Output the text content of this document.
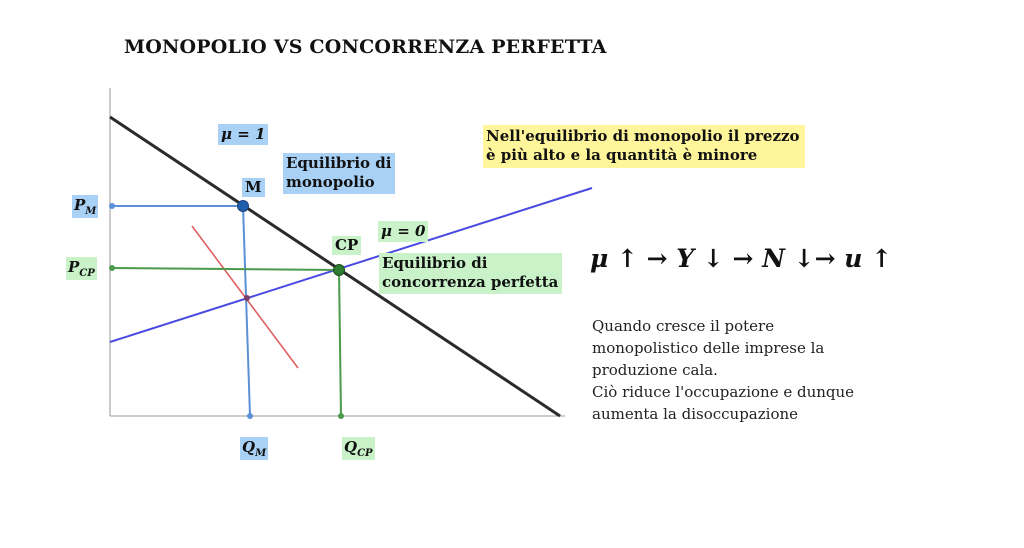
MONOPOLIO VS CONCORRENZA PERFETTA
μ = 1
μ = 0
M
CP
Equilibrio di
monopolio
Equilibrio di
concorrenza perfetta
$P_M$
$P_{CP}$
$Q_M$	$Q_{CP}$
Nell'equilibrio di monopolio il prezzo
è più alto e la quantità è minore
μ ↑ → Y ↓ → N ↓→ u ↑
Quando cresce il potere
monopolistico delle imprese la
produzione cala.
Ciò riduce l'occupazione e dunque
aumenta la disoccupazione
